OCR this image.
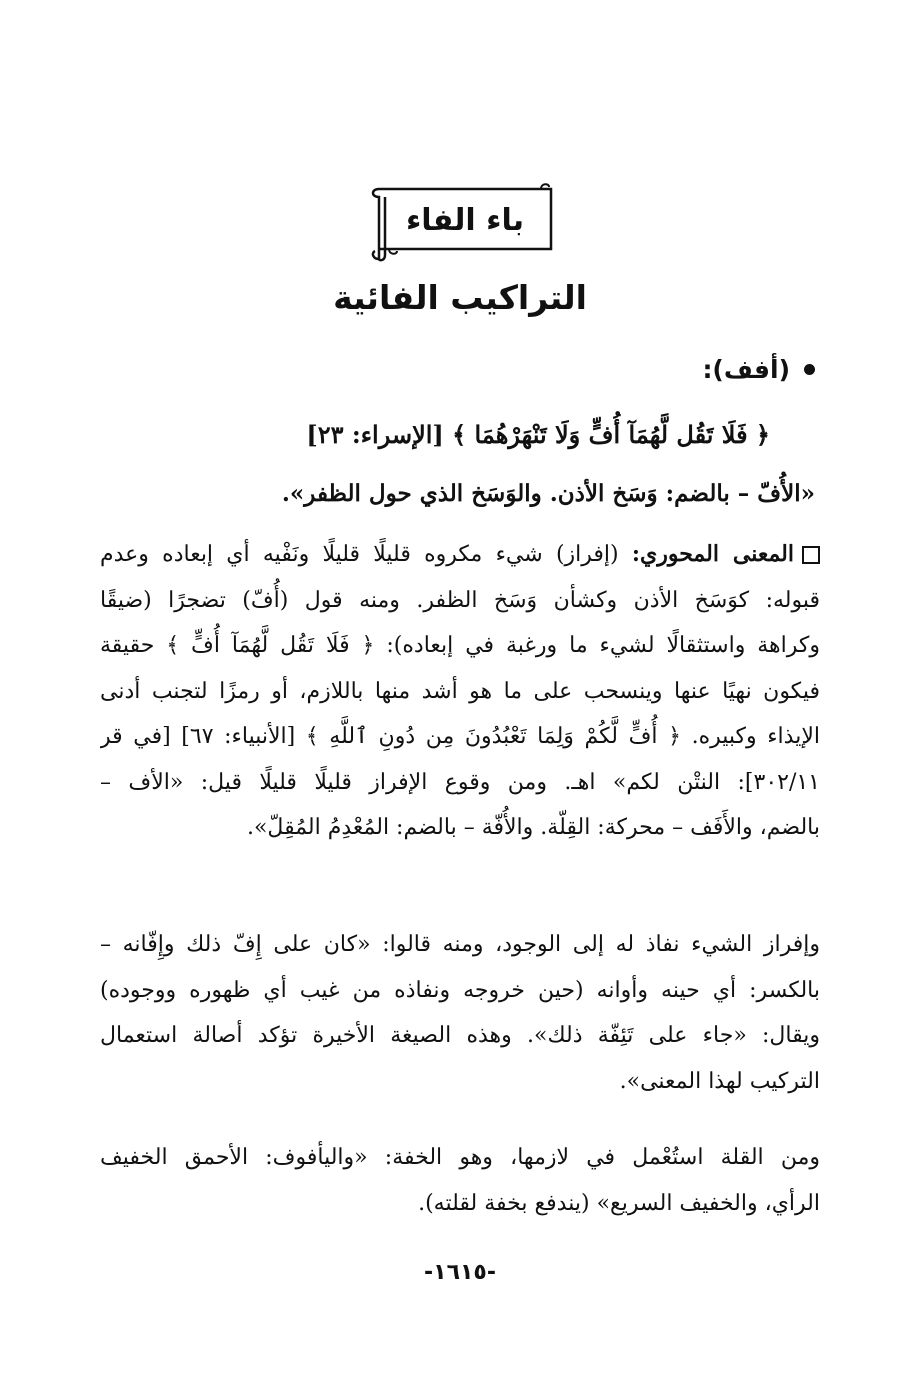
باء الفاء
التراكيب الفائية
(أفف):
﴿ فَلَا تَقُل لَّهُمَآ أُفٍّ وَلَا تَنْهَرْهُمَا ﴾ [الإسراء: ٢٣]
«الأُفّ – بالضم: وَسَخ الأذن. والوَسَخ الذي حول الظفر».
المعنى المحوري: (إفراز) شيء مكروه قليلًا قليلًا ونَفْيه أي إبعاده وعدم
قبوله: كوَسَخ الأذن وكشأن وَسَخ الظفر. ومنه قول (أُفّ) تضجرًا (ضيقًا
وكراهة واستثقالًا لشيء ما ورغبة في إبعاده): ﴿ فَلَا تَقُل لَّهُمَآ أُفٍّ ﴾ حقيقة
فيكون نهيًا عنها وينسحب على ما هو أشد منها باللازم، أو رمزًا لتجنب أدنى
الإيذاء وكبيره. ﴿ أُفٍّ لَّكُمْ وَلِمَا تَعْبُدُونَ مِن دُونِ ٱللَّهِ ﴾ [الأنبياء: ٦٧] [في قر
٣٠٢/١١]: النتْن لكم» اهـ. ومن وقوع الإفراز قليلًا قليلًا قيل: «الأف –
بالضم، والأَفَف – محركة: القِلّة. والأُفّة – بالضم: المُعْدِمُ المُقِلّ».
وإفراز الشيء نفاذ له إلى الوجود، ومنه قالوا: «كان على إِفّ ذلك وإِفّانه –
بالكسر: أي حينه وأوانه (حين خروجه ونفاذه من غيب أي ظهوره ووجوده)
ويقال: «جاء على تَئِفّة ذلك». وهذه الصيغة الأخيرة تؤكد أصالة استعمال
التركيب لهذا المعنى».
ومن القلة استُعْمل في لازمها، وهو الخفة: «واليأفوف: الأحمق الخفيف
الرأي، والخفيف السريع» (يندفع بخفة لقلته).
-١٦١٥-
